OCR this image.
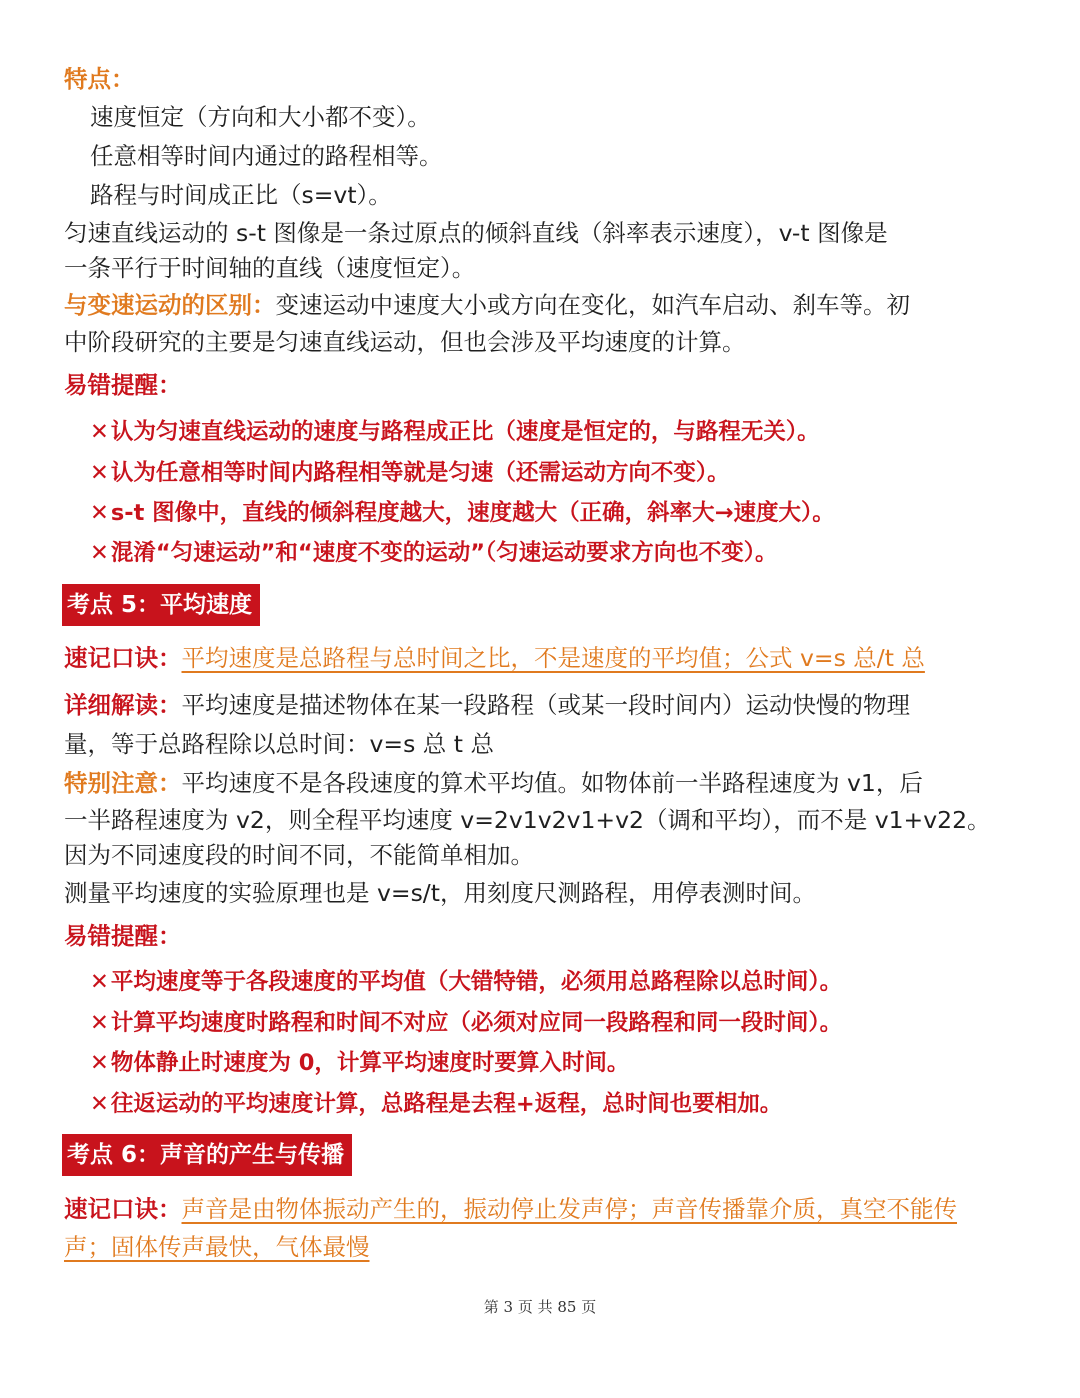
特点：
速度恒定（方向和大小都不变）。
任意相等时间内通过的路程相等。
路程与时间成正比（s=vt）。
匀速直线运动的 s-t 图像是一条过原点的倾斜直线（斜率表示速度），v-t 图像是
一条平行于时间轴的直线（速度恒定）。
与变速运动的区别：变速运动中速度大小或方向在变化，如汽车启动、刹车等。初
中阶段研究的主要是匀速直线运动，但也会涉及平均速度的计算。
易错提醒：
✕认为匀速直线运动的速度与路程成正比（速度是恒定的，与路程无关）。
✕认为任意相等时间内路程相等就是匀速（还需运动方向不变）。
✕s-t 图像中，直线的倾斜程度越大，速度越大（正确，斜率大→速度大）。
✕混淆“匀速运动”和“速度不变的运动”（匀速运动要求方向也不变）。
考点 5：平均速度
速记口诀：平均速度是总路程与总时间之比，不是速度的平均值；公式 v=s 总/t 总
详细解读：平均速度是描述物体在某一段路程（或某一段时间内）运动快慢的物理
量，等于总路程除以总时间：v=s 总 t 总
特别注意：平均速度不是各段速度的算术平均值。如物体前一半路程速度为 v1，后
一半路程速度为 v2，则全程平均速度 v=2v1v2v1+v2（调和平均），而不是 v1+v22。
因为不同速度段的时间不同，不能简单相加。
测量平均速度的实验原理也是 v=s/t，用刻度尺测路程，用停表测时间。
易错提醒：
✕平均速度等于各段速度的平均值（大错特错，必须用总路程除以总时间）。
✕计算平均速度时路程和时间不对应（必须对应同一段路程和同一段时间）。
✕物体静止时速度为 0，计算平均速度时要算入时间。
✕往返运动的平均速度计算，总路程是去程+返程，总时间也要相加。
考点 6：声音的产生与传播
速记口诀：声音是由物体振动产生的，振动停止发声停；声音传播靠介质，真空不能传
声；固体传声最快，气体最慢
第 3 页 共 85 页
